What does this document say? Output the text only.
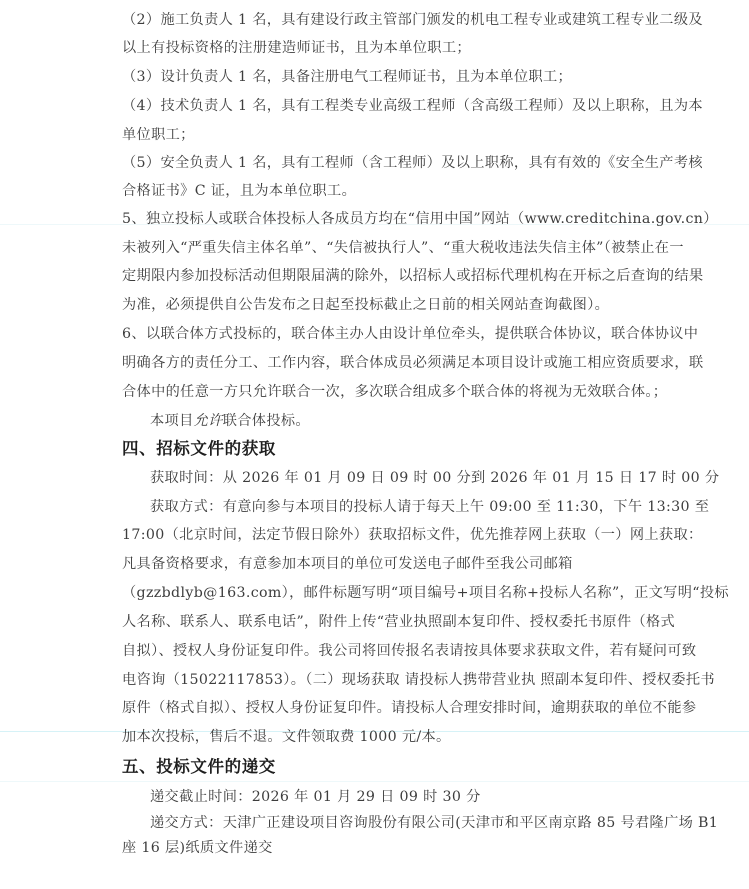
（2）施工负责人 1 名，具有建设行政主管部门颁发的机电工程专业或建筑工程专业二级及
以上有投标资格的注册建造师证书，且为本单位职工；
（3）设计负责人 1 名，具备注册电气工程师证书，且为本单位职工；
（4）技术负责人 1 名，具有工程类专业高级工程师（含高级工程师）及以上职称，且为本
单位职工；
（5）安全负责人 1 名，具有工程师（含工程师）及以上职称，具有有效的《安全生产考核
合格证书》C 证，且为本单位职工。
5、独立投标人或联合体投标人各成员方均在“信用中国”网站（www.creditchina.gov.cn）
未被列入“严重失信主体名单”、“失信被执行人”、“重大税收违法失信主体”（被禁止在一
定期限内参加投标活动但期限届满的除外，以招标人或招标代理机构在开标之后查询的结果
为准，必须提供自公告发布之日起至投标截止之日前的相关网站查询截图）。
6、以联合体方式投标的，联合体主办人由设计单位牵头，提供联合体协议，联合体协议中
明确各方的责任分工、工作内容，联合体成员必须满足本项目设计或施工相应资质要求，联
合体中的任意一方只允许联合一次，多次联合组成多个联合体的将视为无效联合体。；
本项目允许联合体投标。
四、招标文件的获取
获取时间：从 2026 年 01 月 09 日 09 时 00 分到 2026 年 01 月 15 日 17 时 00 分
获取方式：有意向参与本项目的投标人请于每天上午 09:00 至 11:30，下午 13:30 至
17:00（北京时间，法定节假日除外）获取招标文件，优先推荐网上获取（一）网上获取：
凡具备资格要求，有意参加本项目的单位可发送电子邮件至我公司邮箱
（gzzbdlyb@163.com），邮件标题写明“项目编号+项目名称+投标人名称”，正文写明“投标
人名称、联系人、联系电话”，附件上传“营业执照副本复印件、授权委托书原件（格式
自拟）、授权人身份证复印件。我公司将回传报名表请按具体要求获取文件，若有疑问可致
电咨询（15022117853）。（二）现场获取 请投标人携带营业执 照副本复印件、授权委托书
原件（格式自拟）、授权人身份证复印件。请投标人合理安排时间，逾期获取的单位不能参
加本次投标，售后不退。文件领取费 1000 元/本。
五、投标文件的递交
递交截止时间：2026 年 01 月 29 日 09 时 30 分
递交方式：天津广正建设项目咨询股份有限公司(天津市和平区南京路 85 号君隆广场 B1
座 16 层)纸质文件递交
